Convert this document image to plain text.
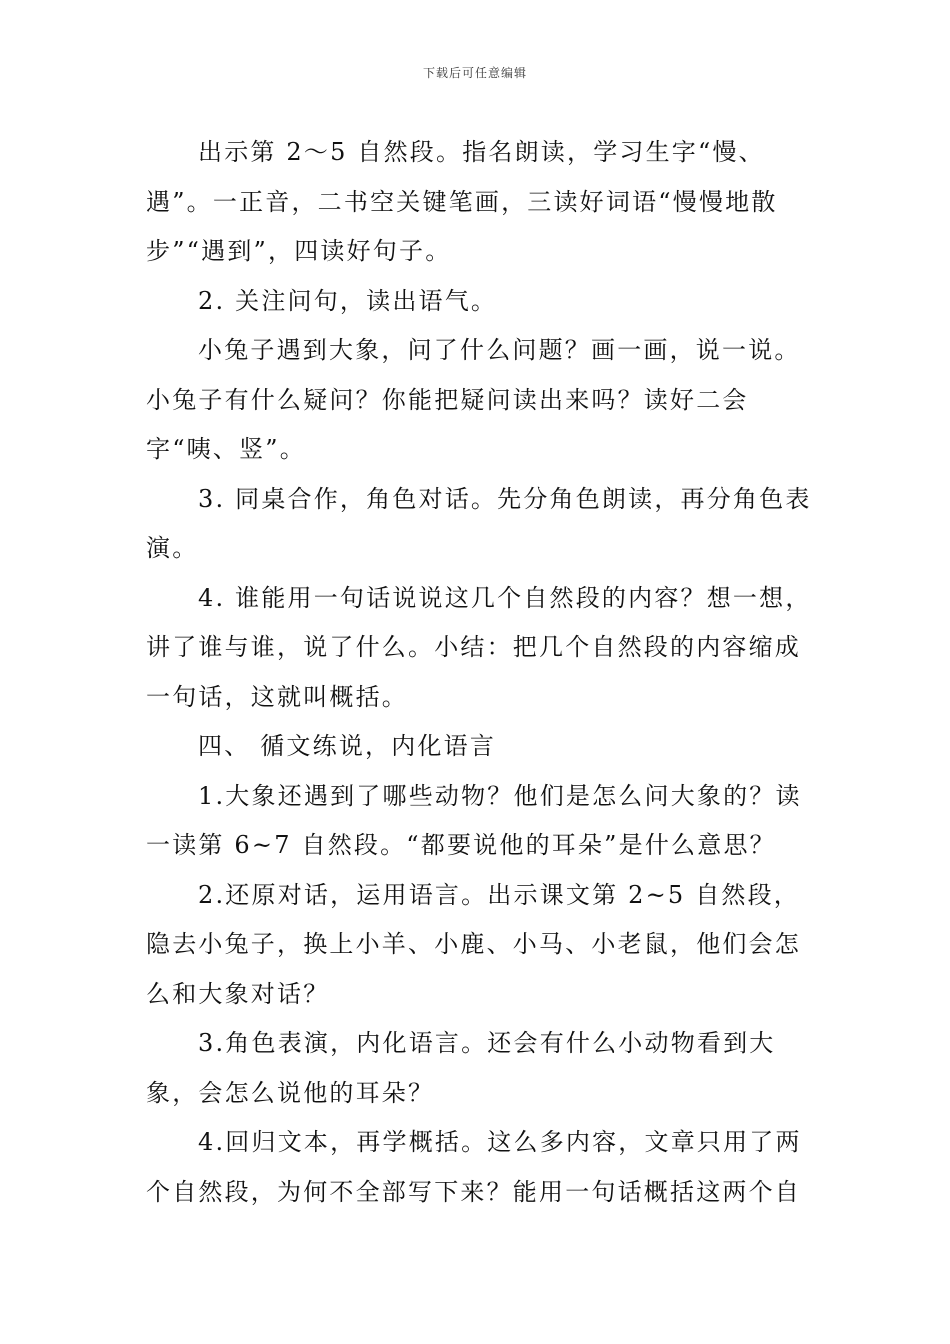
下载后可任意编辑

出示第 2～5 自然段。指名朗读，学习生字“慢、遇”。一正音，二书空关键笔画，三读好词语“慢慢地散步”“遇到”，四读好句子。

2. 关注问句，读出语气。

小兔子遇到大象，问了什么问题？画一画，说一说。小兔子有什么疑问？你能把疑问读出来吗？读好二会字“咦、竖”。

3. 同桌合作，角色对话。先分角色朗读，再分角色表演。

4. 谁能用一句话说说这几个自然段的内容？想一想，讲了谁与谁，说了什么。小结：把几个自然段的内容缩成一句话，这就叫概括。

四、 循文练说，内化语言

1.大象还遇到了哪些动物？他们是怎么问大象的？读一读第 6~7 自然段。“都要说他的耳朵”是什么意思？

2.还原对话，运用语言。出示课文第 2~5 自然段，隐去小兔子，换上小羊、小鹿、小马、小老鼠，他们会怎么和大象对话？

3.角色表演，内化语言。还会有什么小动物看到大象，会怎么说他的耳朵？

4.回归文本，再学概括。这么多内容，文章只用了两个自然段，为何不全部写下来？能用一句话概括这两个自
